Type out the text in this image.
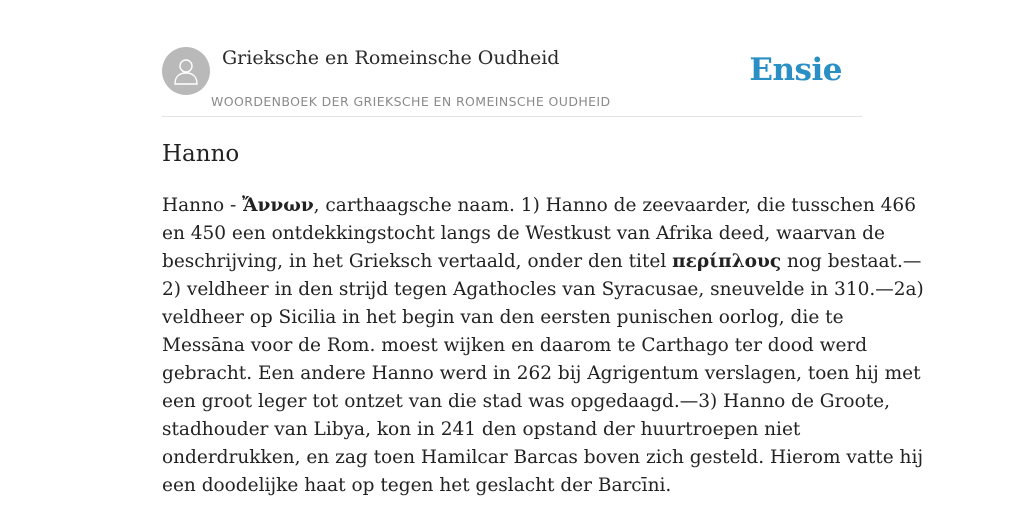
Grieksche en Romeinsche Oudheid
WOORDENBOEK DER GRIEKSCHE EN ROMEINSCHE OUDHEID
Ensie
Hanno

Hanno - Ἄννων, carthaagsche naam. 1) Hanno de zeevaarder, die tusschen 466
en 450 een ontdekkingstocht langs de Westkust van Afrika deed, waarvan de
beschrijving, in het Grieksch vertaald, onder den titel περίπλους nog bestaat.—
2) veldheer in den strijd tegen Agathocles van Syracusae, sneuvelde in 310.—2a)
veldheer op Sicilia in het begin van den eersten punischen oorlog, die te
Messāna voor de Rom. moest wijken en daarom te Carthago ter dood werd
gebracht. Een andere Hanno werd in 262 bij Agrigentum verslagen, toen hij met
een groot leger tot ontzet van die stad was opgedaagd.—3) Hanno de Groote,
stadhouder van Libya, kon in 241 den opstand der huurtroepen niet
onderdrukken, en zag toen Hamilcar Barcas boven zich gesteld. Hierom vatte hij
een doodelijke haat op tegen het geslacht der Barcīni.
